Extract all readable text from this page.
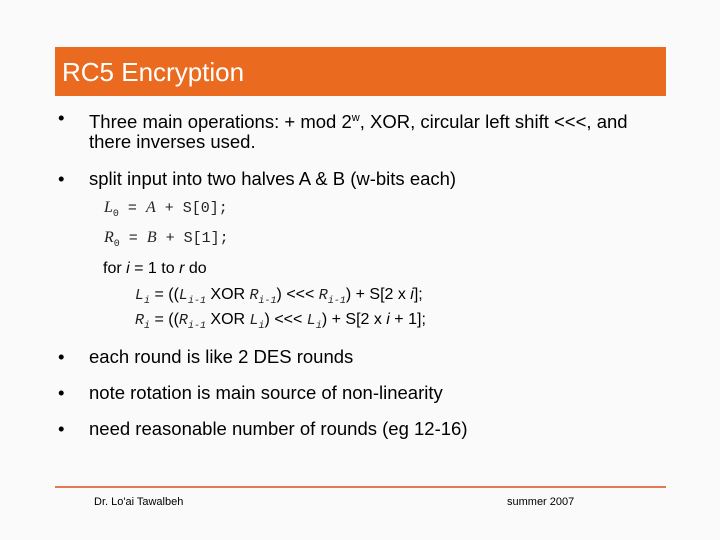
RC5 Encryption
• Three main operations: + mod 2$^w$, XOR, circular left shift <<<, and
there inverses used.
• split input into two halves A & B (w-bits each)
$L_0 = A + S[0]$;
$R_0 = B + S[1]$;
for i = 1 to r do
$L_i = ((L_{i-1}$ XOR $R_{i-1}$) <<< $R_{i-1}) + S[2$ x i];
$R_i = ((R_{i-1}$ XOR $L_i$) <<< $L_i) + S[2$ x i + 1];
• each round is like 2 DES rounds
• note rotation is main source of non-linearity
• need reasonable number of rounds (eg 12-16)
Dr. Lo'ai Tawalbeh	summer 2007
